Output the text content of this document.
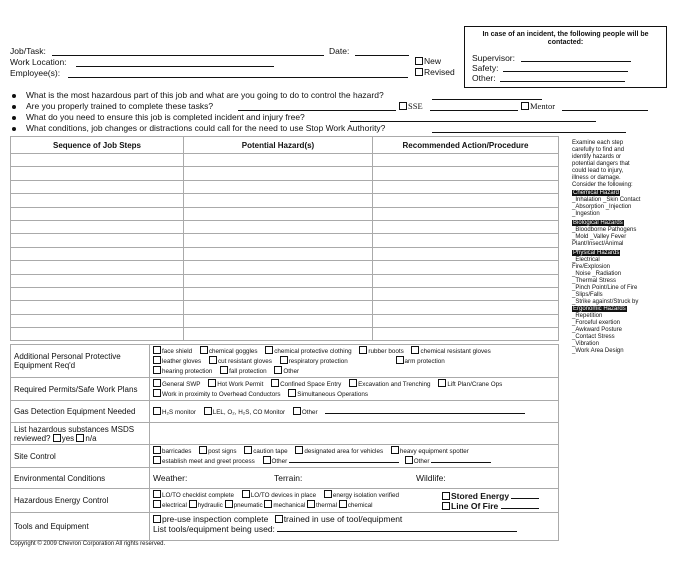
Job/Task:
Work Location:
Employee(s):
Date:
New
Revised
In case of an incident, the following people will be contacted:
Supervisor:
Safety:
Other:
What is the most hazardous part of this job and what are you going to do to control the hazard?
Are you properly trained to complete these tasks?	SSE	Mentor
What do you need to ensure this job is completed incident and injury free?
What conditions, job changes or distractions could call for the need to use Stop Work Authority?
Sequence of Job Steps	Potential Hazard(s)	Recommended Action/Procedure

			Examine each step
carefully to find and
identify hazards or
potential dangers that
could lead to injury,
illness or damage.
Consider the following:
Chemical Hazard
_Inhalation _Skin Contact
_Absorption _Injection
_Ingestion
Biological Hazards
_Bloodborne Pathogens
_Mold _Valley Fever
Plant/Insect/Animal
Physical Hazards
_Electrical
Fire/Explosion
_Noise _Radiation
_Thermal Stress
_Pinch Point/Line of Fire
_Slips/Falls
_Strike against/Struck by
Ergonomic Hazards
_Repetition
_Forceful exertion
_Awkward Posture
_Contact Stress
_Vibration
_Work Area Design
Additional Personal Protective Equipment Req'd	face shield chemical goggles chemical protective clothing rubber boots chemical resistant gloves
leather gloves cut resistant gloves respiratory protection arm protection
hearing protection fall protection Other

Required Permits/Safe Work Plans	General SWP Hot Work Permit Confined Space Entry Excavation and Trenching Lift Plan/Crane Ops
Work in proximity to Overhead Conductors Simultaneous Operations

Gas Detection Equipment Needed	H₂S monitor LEL, O₂, H₂S, CO Monitor Other
List hazardous substances MSDS reviewed? yes n/a	
Site Control	barricades post signs caution tape designated area for vehicles heavy equipment spotter
establish meet and greet process Other Other

Environmental Conditions	Weather: Terrain: Wildlife:

Hazardous Energy Control	LO/TO checklist complete LO/TO devices in place energy isolation verified
electrical hydraulic pneumatic mechanical thermal chemical
Stored Energy
Line Of Fire

Tools and Equipment	pre-use inspection complete trained in use of tool/equipment
List tools/equipment being used:
Copyright © 2009 Chevron Corporation All rights reserved.
